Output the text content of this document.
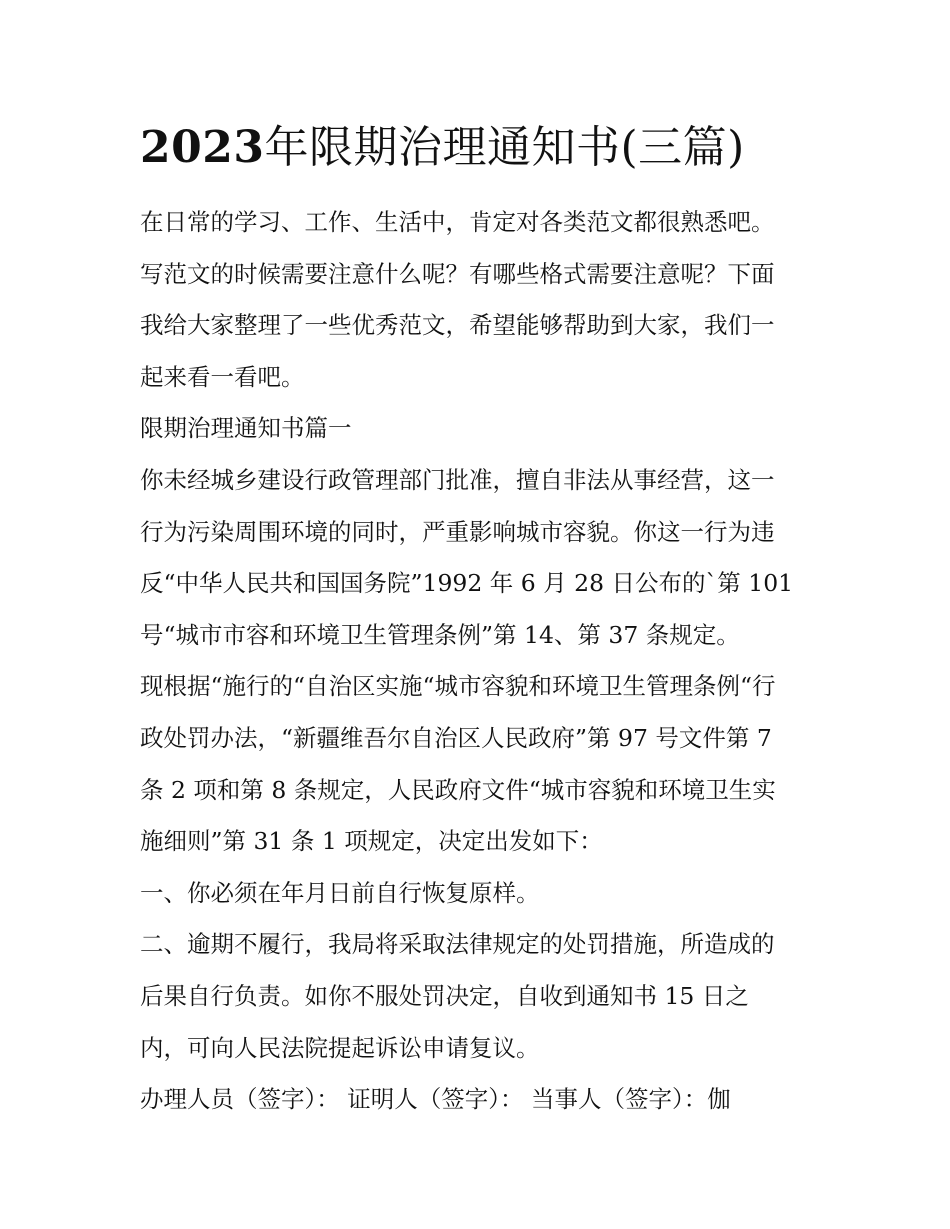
2023年限期治理通知书(三篇)
在日常的学习、工作、生活中，肯定对各类范文都很熟悉吧。
写范文的时候需要注意什么呢？有哪些格式需要注意呢？下面
我给大家整理了一些优秀范文，希望能够帮助到大家，我们一
起来看一看吧。
限期治理通知书篇一
你未经城乡建设行政管理部门批准，擅自非法从事经营，这一
行为污染周围环境的同时，严重影响城市容貌。你这一行为违
反“中华人民共和国国务院”1992 年 6 月 28 日公布的`第 101
号“城市市容和环境卫生管理条例”第 14、第 37 条规定。
现根据“施行的“自治区实施“城市容貌和环境卫生管理条例“行
政处罚办法，“新疆维吾尔自治区人民政府”第 97 号文件第 7
条 2 项和第 8 条规定，人民政府文件“城市容貌和环境卫生实
施细则”第 31 条 1 项规定，决定出发如下：
一、你必须在年月日前自行恢复原样。
二、逾期不履行，我局将采取法律规定的处罚措施，所造成的
后果自行负责。如你不服处罚决定，自收到通知书 15 日之
内，可向人民法院提起诉讼申请复议。
办理人员（签字）： 证明人（签字）： 当事人（签字）：伽
